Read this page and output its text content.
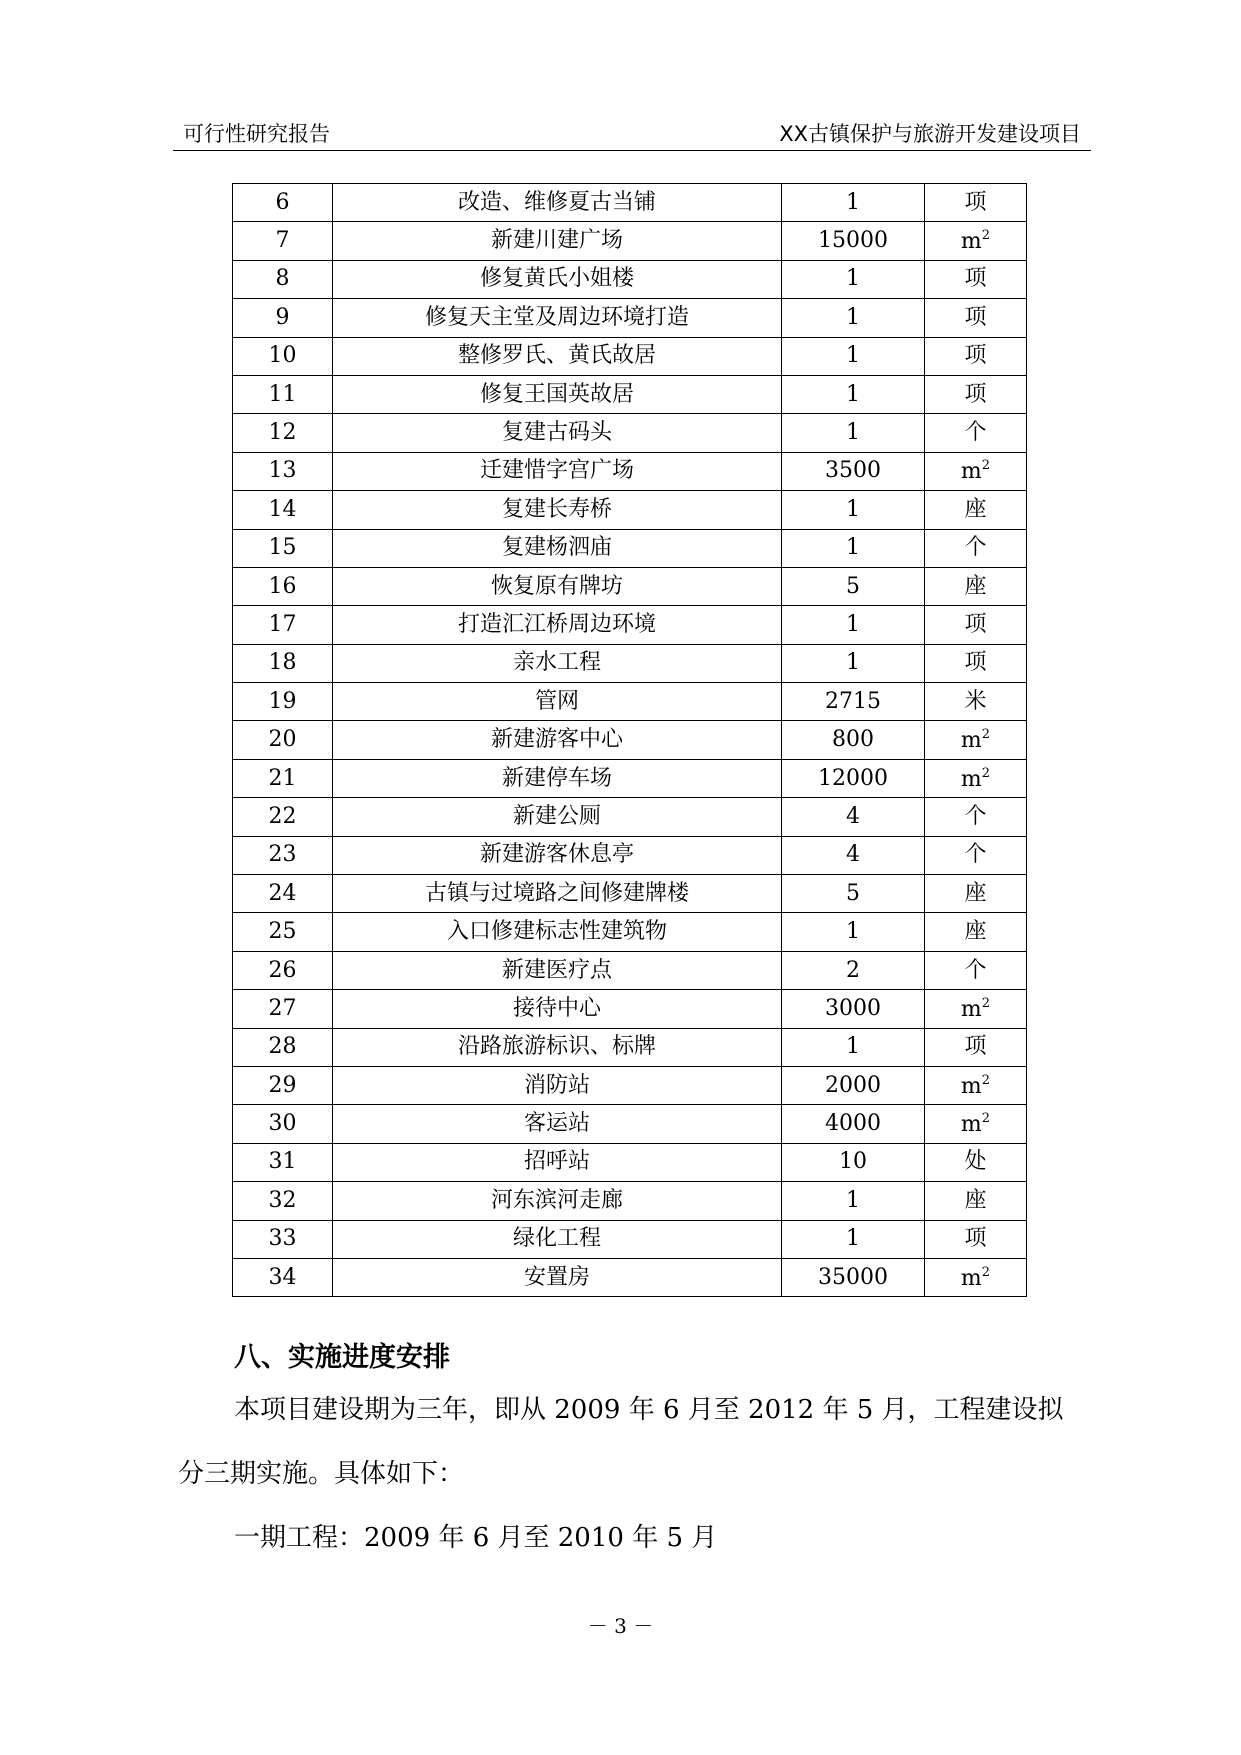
可行性研究报告	XX古镇保护与旅游开发建设项目
6	改造、维修夏古当铺	1	项
7	新建川建广场	15000	$m^2$
8	修复黄氏小姐楼	1	项
9	修复天主堂及周边环境打造	1	项
10	整修罗氏、黄氏故居	1	项
11	修复王国英故居	1	项
12	复建古码头	1	个
13	迁建惜字宫广场	3500	$m^2$
14	复建长寿桥	1	座
15	复建杨泗庙	1	个
16	恢复原有牌坊	5	座
17	打造汇江桥周边环境	1	项
18	亲水工程	1	项
19	管网	2715	米
20	新建游客中心	800	$m^2$
21	新建停车场	12000	$m^2$
22	新建公厕	4	个
23	新建游客休息亭	4	个
24	古镇与过境路之间修建牌楼	5	座
25	入口修建标志性建筑物	1	座
26	新建医疗点	2	个
27	接待中心	3000	$m^2$
28	沿路旅游标识、标牌	1	项
29	消防站	2000	$m^2$
30	客运站	4000	$m^2$
31	招呼站	10	处
32	河东滨河走廊	1	座
33	绿化工程	1	项
34	安置房	35000	$m^2$
八、实施进度安排
本项目建设期为三年，即从 2009 年 6 月至 2012 年 5 月，工程建设拟
分三期实施。具体如下：
一期工程：2009 年 6 月至 2010 年 5 月
－ 3 －
